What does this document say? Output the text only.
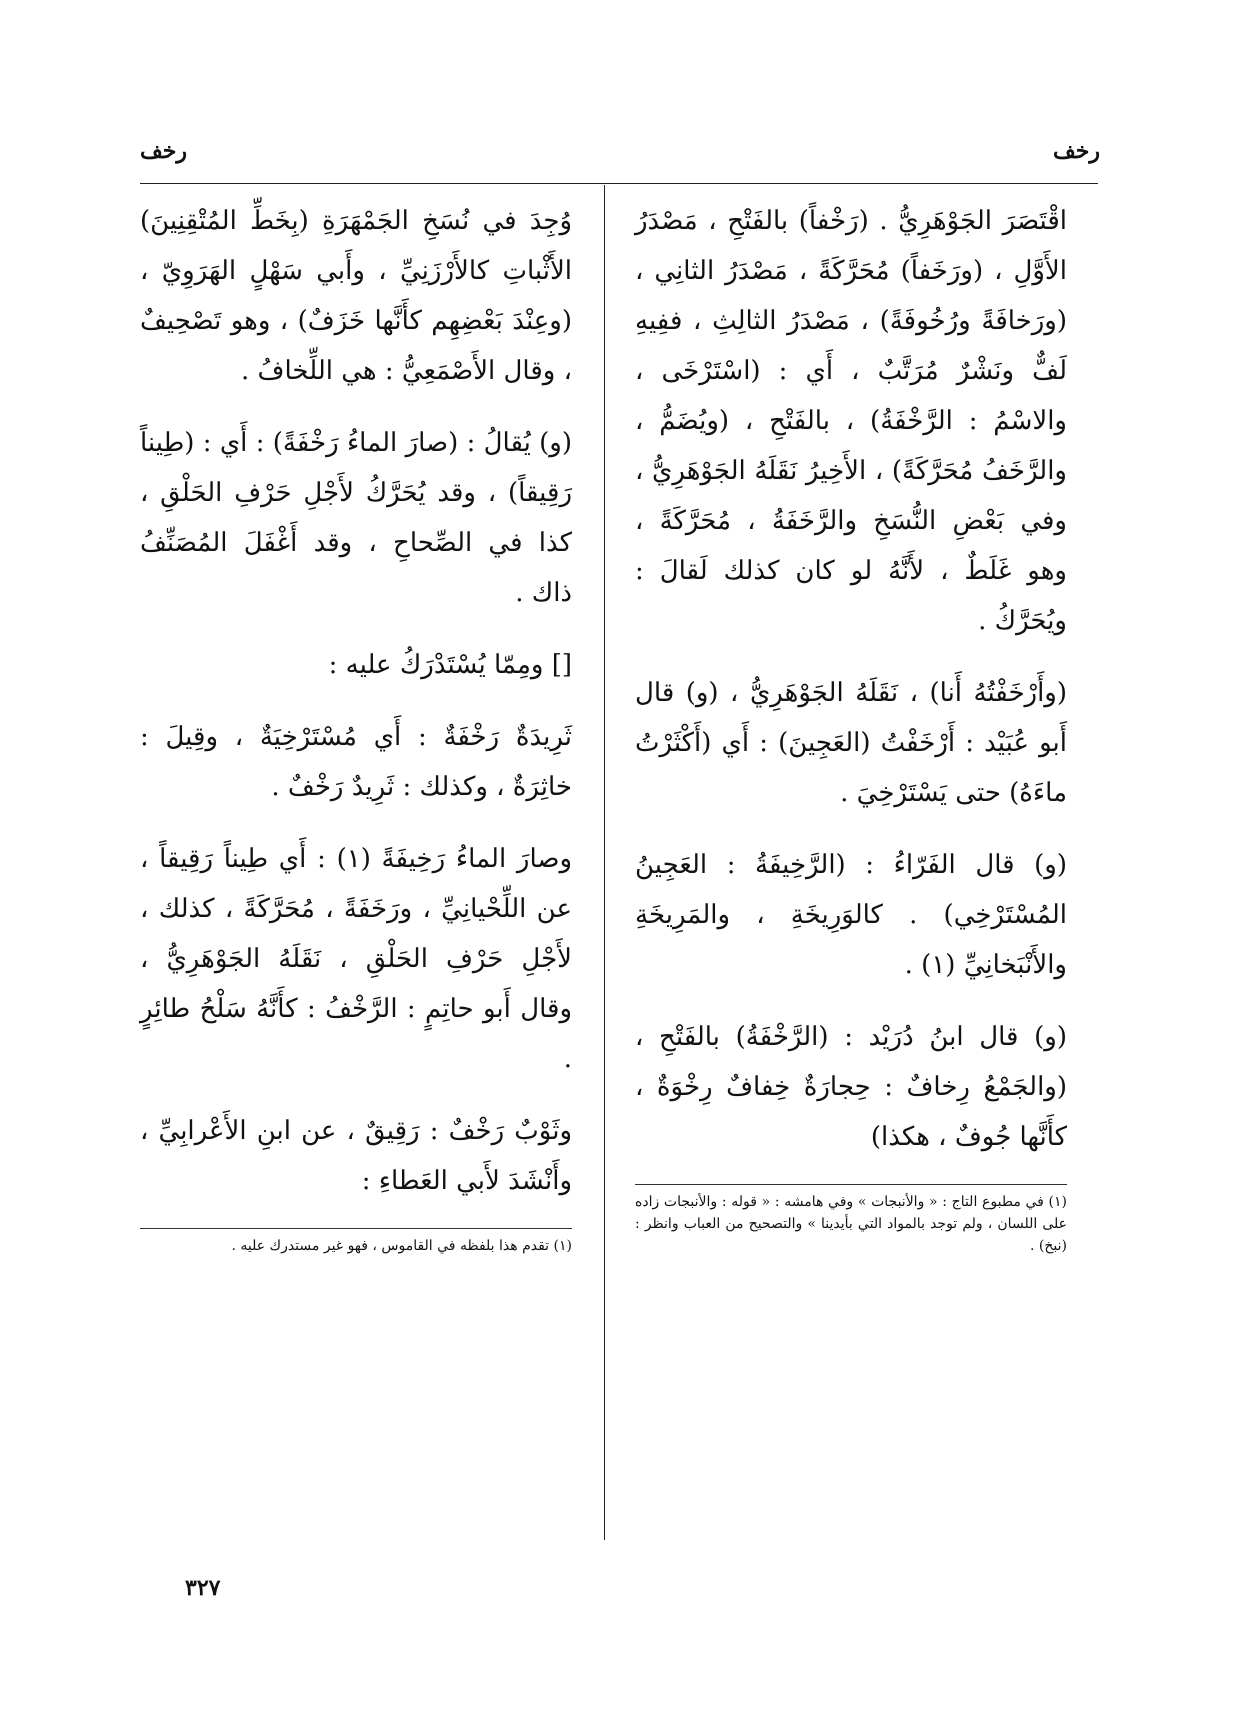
رخف
رخف

اقْتَصَرَ الجَوْهَرِيُّ . (رَخْفاً) بالفَتْحِ ، مَصْدَرُ الأَوَّلِ ، (ورَخَفاً) مُحَرَّكَةً ، مَصْدَرُ الثانِي ، (ورَخافَةً ورُخُوفَةً) ، مَصْدَرُ الثالِثِ ، ففِيهِ لَفٌّ ونَشْرٌ مُرَتَّبٌ ، أَي : (اسْتَرْخَى ، والاسْمُ : الرَّخْفَةُ) ، بالفَتْحِ ، (ويُضَمُّ ، والرَّخَفُ مُحَرَّكَةً) ، الأَخِيرُ نَقَلَهُ الجَوْهَرِيُّ ، وفي بَعْضِ النُّسَخِ والرَّخَفَةُ ، مُحَرَّكَةً ، وهو غَلَطٌ ، لأَنَّهُ لو كان كذلك لَقالَ : ويُحَرَّكُ .

(وأَرْخَفْتُهُ أَنا) ، نَقَلَهُ الجَوْهَرِيُّ ، (و) قال أَبو عُبَيْد : أَرْخَفْتُ (العَجِينَ) : أَي (أَكْثَرْتُ ماءَهُ) حتى يَسْتَرْخِيَ .

(و) قال الفَرّاءُ : (الرَّخِيفَةُ : العَجِينُ المُسْتَرْخِي) . كالوَرِيخَةِ ، والمَرِيخَةِ والأَنْبَخانِيِّ (١) .

(و) قال ابنُ دُرَيْد : (الرَّخْفَةُ) بالفَتْحِ ، (والجَمْعُ رِخافٌ : حِجارَةٌ خِفافٌ رِخْوَةٌ ، كأَنَّها جُوفٌ ، هكذا)

(١) في مطبوع التاج : « والأنبجات » وفي هامشه : « قوله : والأنبجات زاده على اللسان ، ولم توجد بالمواد التي بأيدينا » والتصحيح من العباب وانظر : (نبخ) .

وُجِدَ في نُسَخِ الجَمْهَرَةِ (بِخَطِّ المُتْقِنِينَ) الأَثْباتِ كالأَرْزَنِيِّ ، وأَبي سَهْلٍ الهَرَوِيّ ، (وعِنْدَ بَعْضِهِم كأَنَّها خَزَفٌ) ، وهو تَصْحِيفٌ ، وقال الأَصْمَعِيُّ : هي اللِّخافُ .

(و) يُقالُ : (صارَ الماءُ رَخْفَةً) : أَي : (طِيناً رَقِيقاً) ، وقد يُحَرَّكُ لأَجْلِ حَرْفِ الحَلْقِ ، كذا في الصِّحاحِ ، وقد أَغْفَلَ المُصَنِّفُ ذاك .

[] ومِمّا يُسْتَدْرَكُ عليه :

ثَرِيدَةٌ رَخْفَةٌ : أَي مُسْتَرْخِيَةٌ ، وقِيلَ : خاثِرَةٌ ، وكذلك : ثَرِيدٌ رَخْفٌ .

وصارَ الماءُ رَخِيفَةً (١) : أَي طِيناً رَقِيقاً ، عن اللِّحْيانِيِّ ، ورَخَفَةً ، مُحَرَّكَةً ، كذلك ، لأَجْلِ حَرْفِ الحَلْقِ ، نَقَلَهُ الجَوْهَرِيُّ ، وقال أَبو حاتِمٍ : الرَّخْفُ : كأَنَّهُ سَلْحُ طائِرٍ .

وثَوْبٌ رَخْفٌ : رَقِيقٌ ، عن ابنِ الأَعْرابِيِّ ، وأَنْشَدَ لأَبي العَطاءِ :

(١) تقدم هذا بلفظه في القاموس ، فهو غير مستدرك عليه .
٣٢٧
